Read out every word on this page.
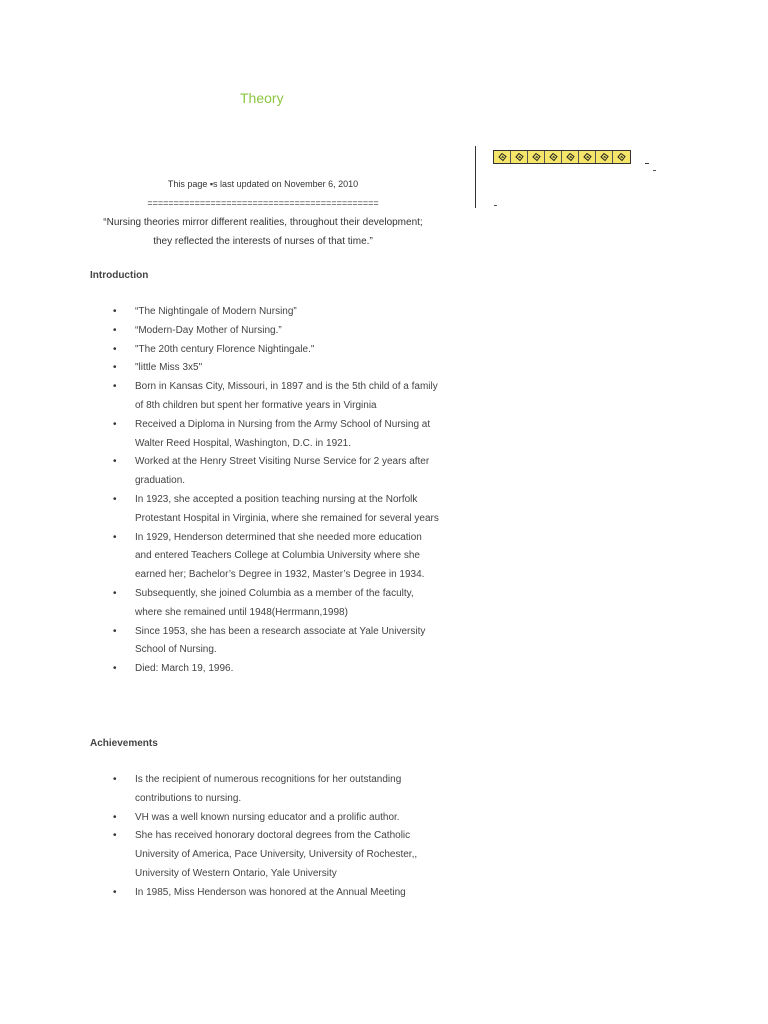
Theory
This page ▪s last updated on November 6, 2010
============================================
“Nursing theories mirror different realities, throughout their development;
they reflected the interests of nurses of that time.”
Introduction
• “The Nightingale of Modern Nursing”
• “Modern-Day Mother of Nursing.”
• "The 20th century Florence Nightingale."
• "little Miss 3x5"
• Born in Kansas City, Missouri, in 1897 and is the 5th child of a family of 8th children but spent her formative years in Virginia
• Received a Diploma in Nursing from the Army School of Nursing at Walter Reed Hospital, Washington, D.C. in 1921.
• Worked at the Henry Street Visiting Nurse Service for 2 years after graduation.
• In 1923, she accepted a position teaching nursing at the Norfolk Protestant Hospital in Virginia, where she remained for several years
• In 1929, Henderson determined that she needed more education and entered Teachers College at Columbia University where she earned her; Bachelor’s Degree in 1932, Master’s Degree in 1934.
• Subsequently, she joined Columbia as a member of the faculty, where she remained until 1948(Herrmann,1998)
• Since 1953, she has been a research associate at Yale University School of Nursing.
• Died: March 19, 1996.
Achievements
• Is the recipient of numerous recognitions for her outstanding contributions to nursing.
• VH was a well known nursing educator and a prolific author.
• She has received honorary doctoral degrees from the Catholic University of America, Pace University, University of Rochester,, University of Western Ontario, Yale University
• In 1985, Miss Henderson was honored at the Annual Meeting
